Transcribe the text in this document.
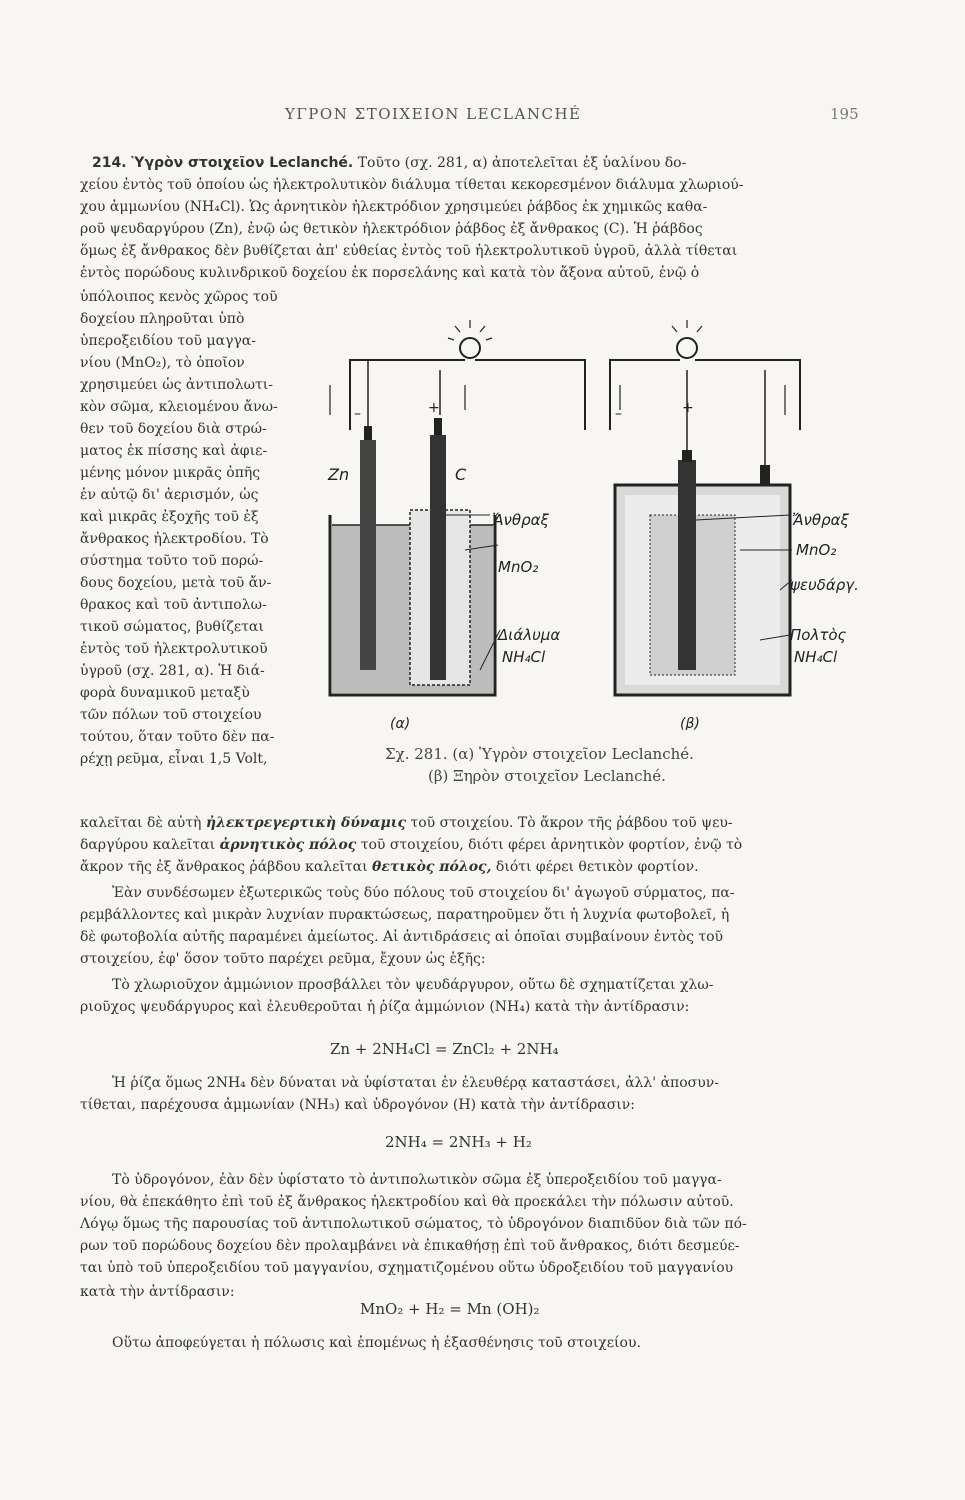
ΥΓΡΟΝ ΣΤΟΙΧΕΙΟΝ LECLANCHÉ	195
214. Ὑγρὸν στοιχεῖον Leclanché. Τοῦτο (σχ. 281, α) ἀποτελεῖται ἐξ ὑαλίνου δο-
χείου ἐντὸς τοῦ ὁποίου ὡς ἠλεκτρολυτικὸν διάλυμα τίθεται κεκορεσμένον διάλυμα χλωριού-
χου ἀμμωνίου (NH₄Cl). Ὡς ἀρνητικὸν ἠλεκτρόδιον χρησιμεύει ῥάβδος ἐκ χημικῶς καθα-
ροῦ ψευδαργύρου (Zn), ἐνῷ ὡς θετικὸν ἠλεκτρόδιον ῥάβδος ἐξ ἄνθρακος (C). Ἡ ῥάβδος
ὅμως ἐξ ἄνθρακος δὲν βυθίζεται ἀπ' εὐθείας ἐντὸς τοῦ ἠλεκτρολυτικοῦ ὑγροῦ, ἀλλὰ τίθεται
ἐντὸς πορώδους κυλινδρικοῦ δοχείου ἐκ πορσελάνης καὶ κατὰ τὸν ἄξονα αὐτοῦ, ἐνῷ ὁ
ὑπόλοιπος κενὸς χῶρος τοῦ
δοχείου πληροῦται ὑπὸ
ὑπεροξειδίου τοῦ μαγγα-
νίου (MnO₂), τὸ ὁποῖον
χρησιμεύει ὡς ἀντιπολωτι-
κὸν σῶμα, κλειομένου ἄνω-
θεν τοῦ δοχείου διὰ στρώ-
ματος ἐκ πίσσης καὶ ἀφιε-
μένης μόνον μικρᾶς ὀπῆς
ἐν αὐτῷ δι' ἀερισμόν, ὡς
καὶ μικρᾶς ἐξοχῆς τοῦ ἐξ
ἄνθρακος ἠλεκτροδίου. Τὸ
σύστημα τοῦτο τοῦ πορώ-
δους δοχείου, μετὰ τοῦ ἄν-
θρακος καὶ τοῦ ἀντιπολω-
τικοῦ σώματος, βυθίζεται
ἐντὸς τοῦ ἠλεκτρολυτικοῦ
ὑγροῦ (σχ. 281, α). Ἡ διά-
φορὰ δυναμικοῦ μεταξὺ
τῶν πόλων τοῦ στοιχείου
τούτου, ὅταν τοῦτο δὲν πα-
ρέχῃ ρεῦμα, εἶναι 1,5 Volt,
Zn	C
–	+
Ἄνθραξ
MnO₂
Διάλυμα
NH₄Cl
(α)
–	+
Ἄνθραξ
MnO₂
ψευδάργ.
Πολτὸς
NH₄Cl
(β)
Σχ. 281. (α) Ὑγρὸν στοιχεῖον Leclanché.
(β) Ξηρὸν στοιχεῖον Leclanché.
καλεῖται δὲ αὐτὴ ἠλεκτρεγερτικὴ δύναμις τοῦ στοιχείου. Τὸ ἄκρον τῆς ῥάβδου τοῦ ψευ-
δαργύρου καλεῖται ἀρνητικὸς πόλος τοῦ στοιχείου, διότι φέρει ἀρνητικὸν φορτίον, ἐνῷ τὸ
ἄκρον τῆς ἐξ ἄνθρακος ῥάβδου καλεῖται θετικὸς πόλος, διότι φέρει θετικὸν φορτίον.
Ἐὰν συνδέσωμεν ἐξωτερικῶς τοὺς δύο πόλους τοῦ στοιχείου δι' ἀγωγοῦ σύρματος, πα-
ρεμβάλλοντες καὶ μικρὰν λυχνίαν πυρακτώσεως, παρατηροῦμεν ὅτι ἡ λυχνία φωτοβολεῖ, ἡ
δὲ φωτοβολία αὐτῆς παραμένει ἀμείωτος. Αἱ ἀντιδράσεις αἱ ὁποῖαι συμβαίνουν ἐντὸς τοῦ
στοιχείου, ἐφ' ὅσον τοῦτο παρέχει ρεῦμα, ἔχουν ὡς ἑξῆς:
Τὸ χλωριοῦχον ἀμμώνιον προσβάλλει τὸν ψευδάργυρον, οὕτω δὲ σχηματίζεται χλω-
ριοῦχος ψευδάργυρος καὶ ἐλευθεροῦται ἡ ῥίζα ἀμμώνιον (NH₄) κατὰ τὴν ἀντίδρασιν:
Zn + 2NH₄Cl = ZnCl₂ + 2NH₄
Ἡ ῥίζα ὅμως 2NH₄ δὲν δύναται νὰ ὑφίσταται ἐν ἐλευθέρᾳ καταστάσει, ἀλλ' ἀποσυν-
τίθεται, παρέχουσα ἀμμωνίαν (NH₃) καὶ ὑδρογόνον (H) κατὰ τὴν ἀντίδρασιν:
2NH₄ = 2NH₃ + H₂
Τὸ ὑδρογόνον, ἐὰν δὲν ὑφίστατο τὸ ἀντιπολωτικὸν σῶμα ἐξ ὑπεροξειδίου τοῦ μαγγα-
νίου, θὰ ἐπεκάθητο ἐπὶ τοῦ ἐξ ἄνθρακος ἠλεκτροδίου καὶ θὰ προεκάλει τὴν πόλωσιν αὐτοῦ.
Λόγῳ ὅμως τῆς παρουσίας τοῦ ἀντιπολωτικοῦ σώματος, τὸ ὑδρογόνον διαπιδῦον διὰ τῶν πό-
ρων τοῦ πορώδους δοχείου δὲν προλαμβάνει νὰ ἐπικαθήσῃ ἐπὶ τοῦ ἄνθρακος, διότι δεσμεύε-
ται ὑπὸ τοῦ ὑπεροξειδίου τοῦ μαγγανίου, σχηματιζομένου οὕτω ὑδροξειδίου τοῦ μαγγανίου
κατὰ τὴν ἀντίδρασιν:
MnO₂ + H₂ = Mn (OH)₂
Οὕτω ἀποφεύγεται ἡ πόλωσις καὶ ἑπομένως ἡ ἐξασθένησις τοῦ στοιχείου.
